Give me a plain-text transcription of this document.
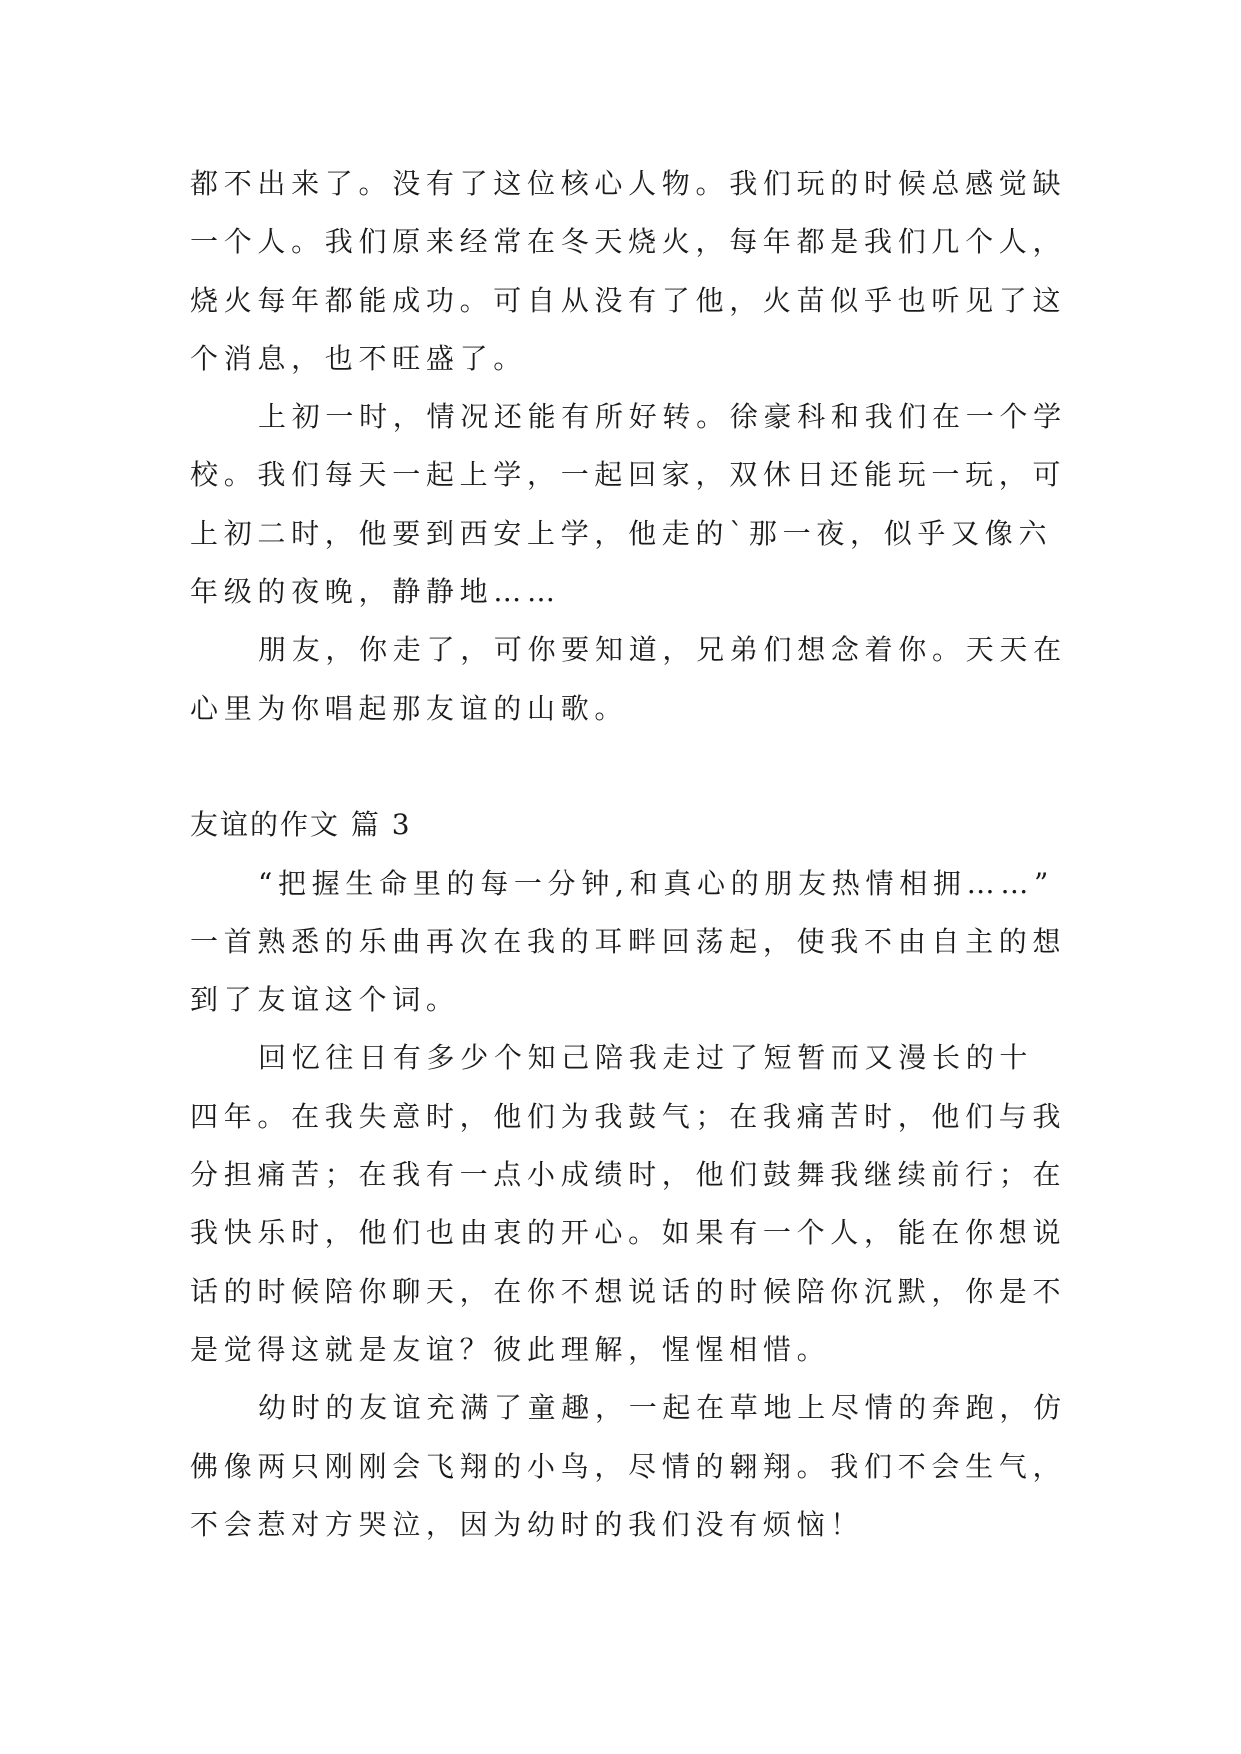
都不出来了。没有了这位核心人物。我们玩的时候总感觉缺
一个人。我们原来经常在冬天烧火，每年都是我们几个人，
烧火每年都能成功。可自从没有了他，火苗似乎也听见了这
个消息，也不旺盛了。
上初一时，情况还能有所好转。徐豪科和我们在一个学
校。我们每天一起上学，一起回家，双休日还能玩一玩，可
上初二时，他要到西安上学，他走的`那一夜，似乎又像六
年级的夜晚，静静地……
朋友，你走了，可你要知道，兄弟们想念着你。天天在
心里为你唱起那友谊的山歌。
友谊的作文 篇 3
“把握生命里的每一分钟,和真心的朋友热情相拥……”
一首熟悉的乐曲再次在我的耳畔回荡起，使我不由自主的想
到了友谊这个词。
回忆往日有多少个知己陪我走过了短暂而又漫长的十
四年。在我失意时，他们为我鼓气；在我痛苦时，他们与我
分担痛苦；在我有一点小成绩时，他们鼓舞我继续前行；在
我快乐时，他们也由衷的开心。如果有一个人，能在你想说
话的时候陪你聊天，在你不想说话的时候陪你沉默，你是不
是觉得这就是友谊？彼此理解，惺惺相惜。
幼时的友谊充满了童趣，一起在草地上尽情的奔跑，仿
佛像两只刚刚会飞翔的小鸟，尽情的翱翔。我们不会生气，
不会惹对方哭泣，因为幼时的我们没有烦恼！
